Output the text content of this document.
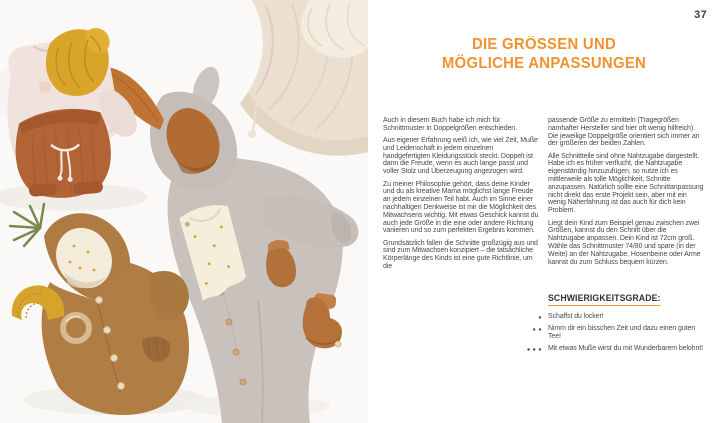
37
DIE GRÖSSEN UND
MÖGLICHE ANPASSUNGEN

Auch in diesem Buch habe ich mich für Schnittmuster in Doppelgrößen entschieden.

Aus eigener Erfahrung weiß ich, wie viel Zeit, Muße und Leidenschaft in jedem einzelnen handgefertigten Kleidungsstück steckt. Doppelt ist dann die Freude, wenn es auch lange passt und voller Stolz und Überzeugung angezogen wird.

Zu meiner Philosophie gehört, dass deine Kinder und du als kreative Mama möglichst lange Freude an jedem einzelnen Teil habt. Auch im Sinne einer nachhaltigen Denkweise ist mir die Möglichkeit des Mitwachsens wichtig. Mit etwas Geschick kannst du auch jede Größe in die eine oder andere Richtung variieren und so zum perfekten Ergebnis kommen.

Grundsätzlich fallen die Schnitte großzügig aus und sind zum Mitwachsen konzipiert – die tatsächliche Körperlänge des Kinds ist eine gute Richtlinie, um die

passende Größe zu ermitteln (Tragegrößen namhafter Hersteller sind hier oft wenig hilfreich). Die jeweilige Doppelgröße orientiert sich immer an der größeren der beiden Zahlen.

Alle Schnittteile sind ohne Nahtzugabe dargestellt. Habe ich es früher verflucht, die Nahtzugabe eigenständig hinzuzufügen, so nutze ich es mittlerweile als tolle Möglichkeit, Schnitte anzupassen. Natürlich sollte eine Schnittanpassung nicht direkt das erste Projekt sein, aber mit ein wenig Näherfahrung ist das auch für dich kein Problem.

Liegt dein Kind zum Beispiel genau zwischen zwei Größen, kannst du den Schnitt über die Nahtzugabe anpassen. Dein Kind ist 72cm groß. Wähle das Schnittmuster 74/80 und spare (in der Weite) an der Nahtzugabe. Hosenbeine oder Arme kannst du zum Schluss bequem kürzen.

SCHWIERIGKEITSGRADE:
● Schaffst du locker!
●● Nimm dir ein bisschen Zeit und dazu einen guten Tee!
●●● Mit etwas Muße wirst du mit Wunderbarem belohnt!
